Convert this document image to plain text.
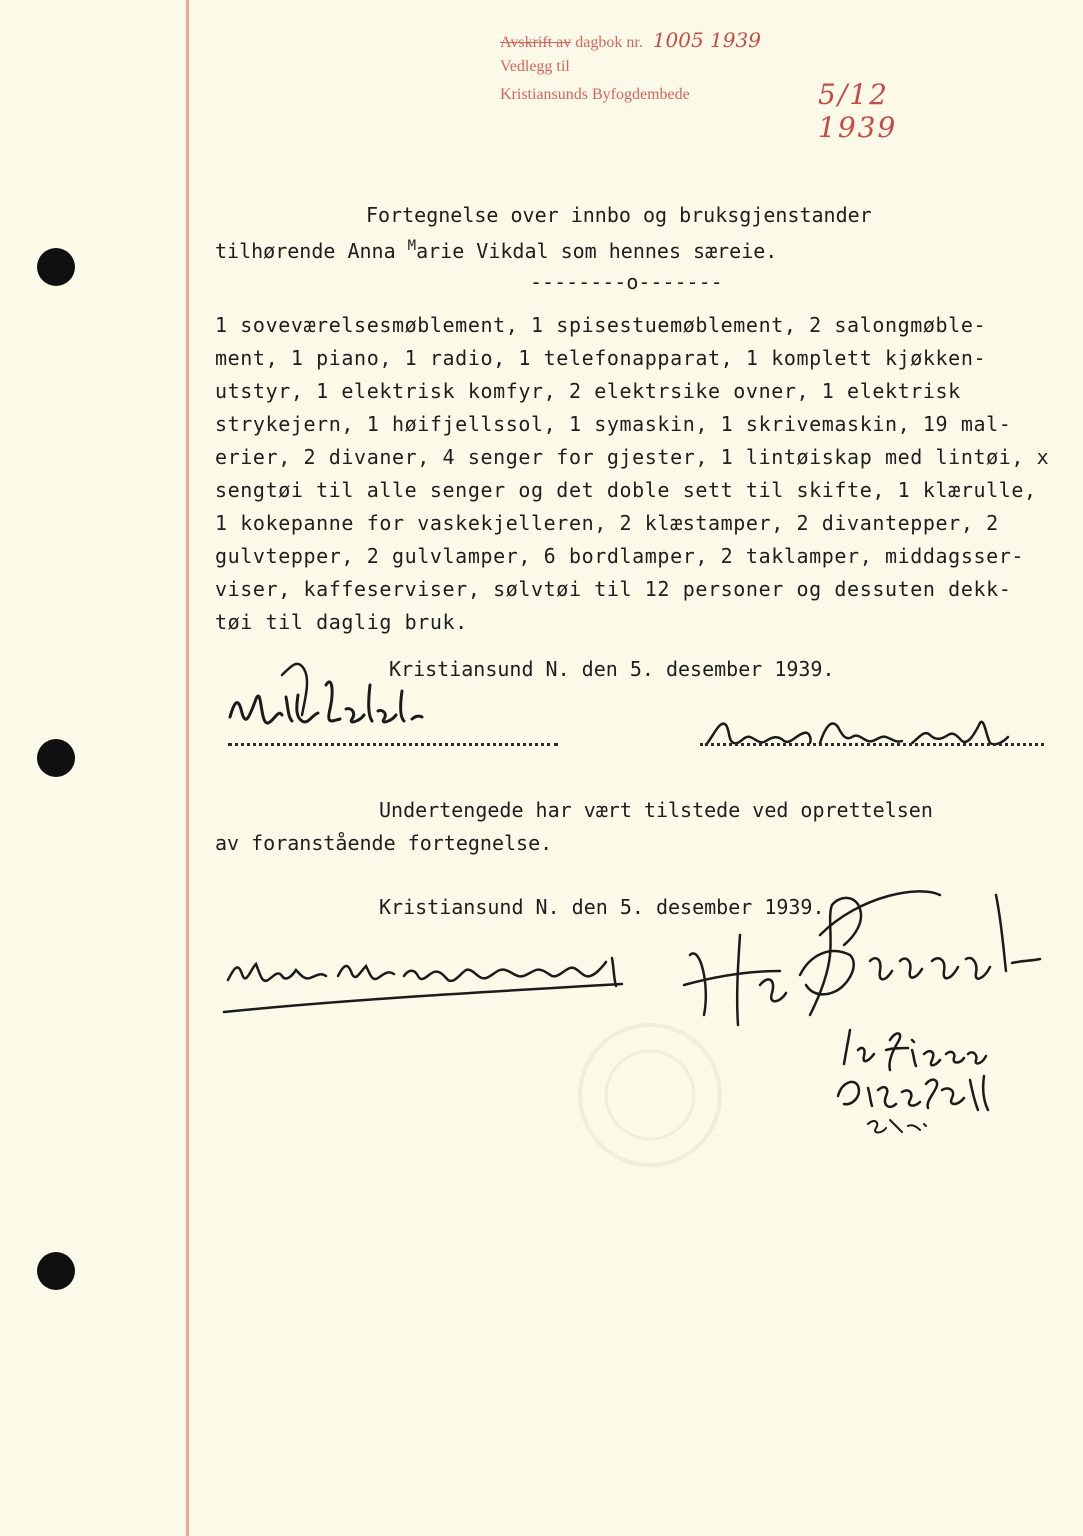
Avskrift av dagbok nr. 1005 1939
Vedlegg til
Kristiansunds Byfogdembede	5/12 1939
Fortegnelse over innbo og bruksgjenstander
tilhørende Anna $^M$arie Vikdal som hennes særeie.
--------o-------
1 soveværelsesmøblement, 1 spisestuemøblement, 2 salongmøble-
ment, 1 piano, 1 radio, 1 telefonapparat, 1 komplett kjøkken-
utstyr, 1 elektrisk komfyr, 2 elektrsike ovner, 1 elektrisk
strykejern, 1 høifjellssol, 1 symaskin, 1 skrivemaskin, 19 mal-
erier, 2 divaner, 4 senger for gjester, 1 lintøiskap med lintøi, x
sengtøi til alle senger og det doble sett til skifte, 1 klærulle,
1 kokepanne for vaskekjelleren, 2 klæstamper, 2 divantepper, 2
gulvtepper, 2 gulvlamper, 6 bordlamper, 2 taklamper, middagsser-
viser, kaffeserviser, sølvtøi til 12 personer og dessuten dekk-
tøi til daglig bruk.
Kristiansund N. den 5. desember 1939.
Undertengede har vært tilstede ved oprettelsen
av foranstående fortegnelse.
Kristiansund N. den 5. desember 1939.
